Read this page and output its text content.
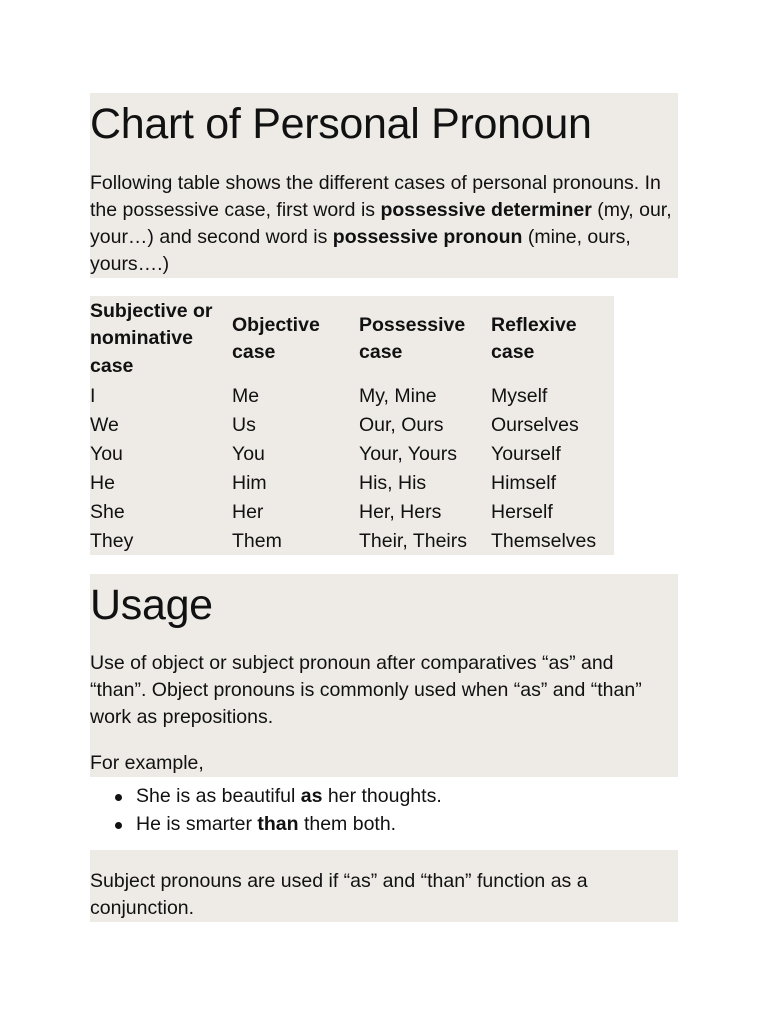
Chart of Personal Pronoun

Following table shows the different cases of personal pronouns. In the possessive case, first word is possessive determiner (my, our, your…) and second word is possessive pronoun (mine, ours, yours….)

Subjective or nominative case	Objective case	Possessive case	Reflexive case
I	Me	My, Mine	Myself
We	Us	Our, Ours	Ourselves
You	You	Your, Yours	Yourself
He	Him	His, His	Himself
She	Her	Her, Hers	Herself
They	Them	Their, Theirs	Themselves
Usage

Use of object or subject pronoun after comparatives “as” and “than”. Object pronouns is commonly used when “as” and “than” work as prepositions.

For example,

She is as beautiful as her thoughts.
He is smarter than them both.

Subject pronouns are used if “as” and “than” function as a conjunction.
